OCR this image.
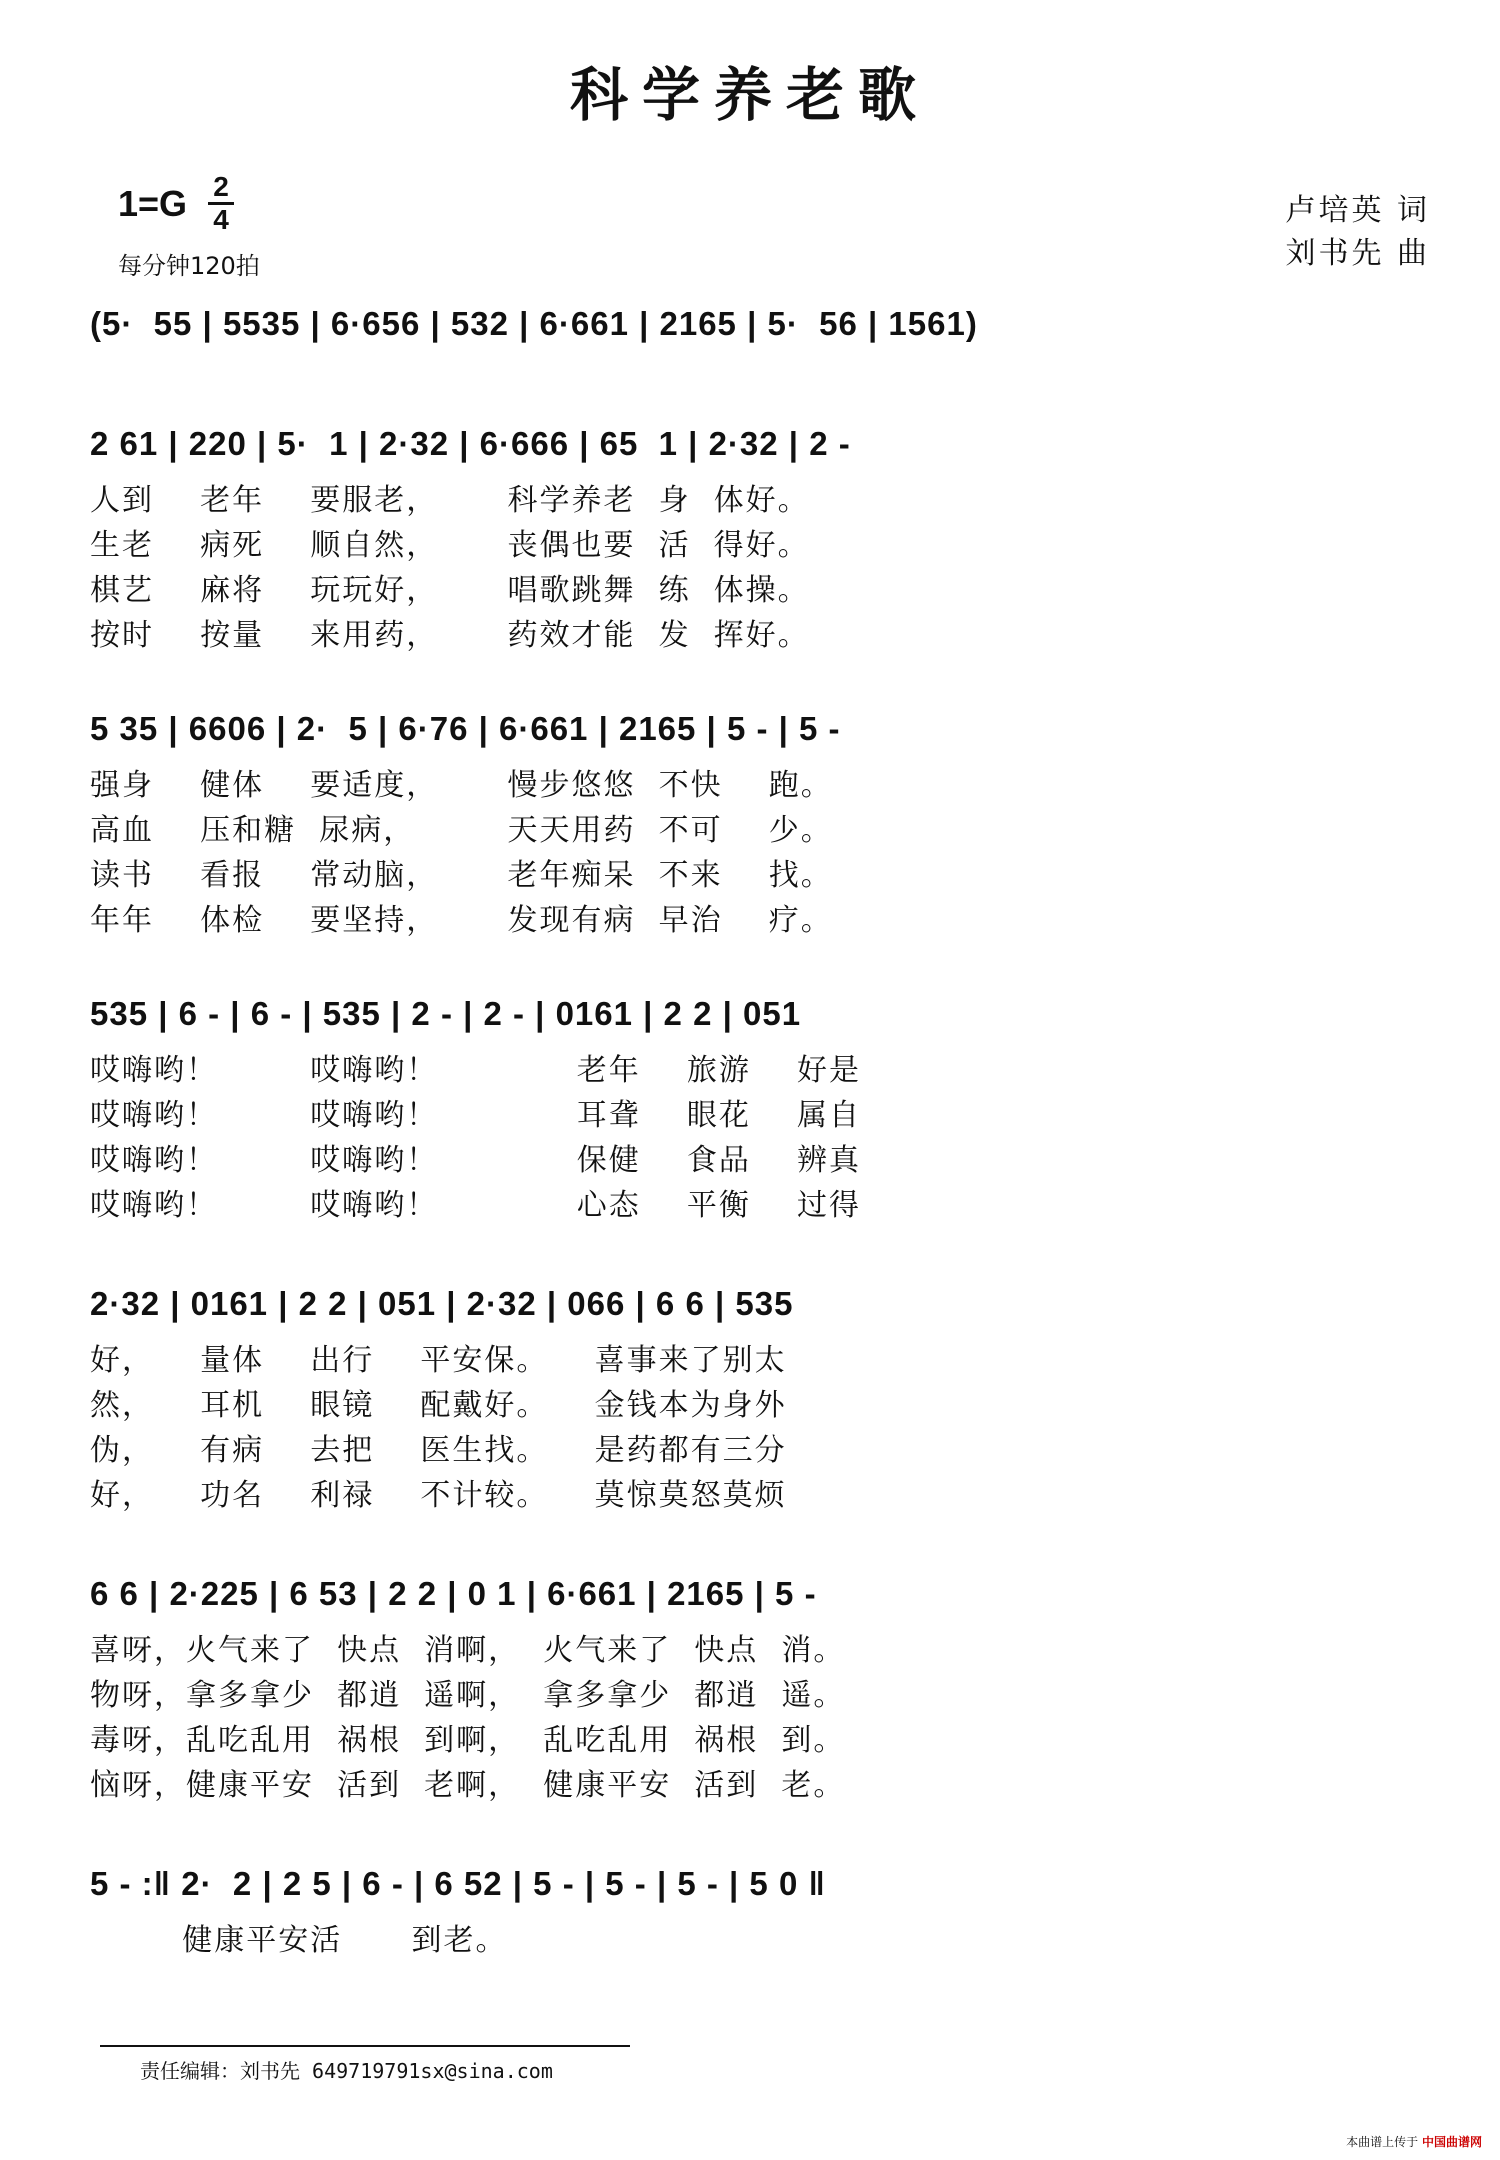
科学养老歌
1=G 2
4
每分钟120拍
卢培英 词
刘书先 曲
(5·  55 | 5535 | 6·656 | 532 | 6·661 | 2165 | 5·  56 | 1561)
2 61 | 220 | 5·  1 | 2·32 | 6·666 | 65  1 | 2·32 | 2 -
人到    老年    要服老，      科学养老  身  体好。
生老    病死    顺自然，      丧偶也要  活  得好。
棋艺    麻将    玩玩好，      唱歌跳舞  练  体操。
按时    按量    来用药，      药效才能  发  挥好。
5 35 | 6606 | 2·  5 | 6·76 | 6·661 | 2165 | 5 - | 5 -
强身    健体    要适度，      慢步悠悠  不快    跑。
高血    压和糖  尿病，        天天用药  不可    少。
读书    看报    常动脑，      老年痴呆  不来    找。
年年    体检    要坚持，      发现有病  早治    疗。
535 | 6 - | 6 - | 535 | 2 - | 2 - | 0161 | 2 2 | 051
哎嗨哟！        哎嗨哟！            老年    旅游    好是
哎嗨哟！        哎嗨哟！            耳聋    眼花    属自
哎嗨哟！        哎嗨哟！            保健    食品    辨真
哎嗨哟！        哎嗨哟！            心态    平衡    过得
2·32 | 0161 | 2 2 | 051 | 2·32 | 066 | 6 6 | 535
好，    量体    出行    平安保。    喜事来了别太
然，    耳机    眼镜    配戴好。    金钱本为身外
伪，    有病    去把    医生找。    是药都有三分
好，    功名    利禄    不计较。    莫惊莫怒莫烦
6 6 | 2·225 | 6 53 | 2 2 | 0 1 | 6·661 | 2165 | 5 -
喜呀，火气来了  快点  消啊，  火气来了  快点  消。
物呀，拿多拿少  都逍  遥啊，  拿多拿少  都逍  遥。
毒呀，乱吃乱用  祸根  到啊，  乱吃乱用  祸根  到。
恼呀，健康平安  活到  老啊，  健康平安  活到  老。
5 - :‖ 2·  2 | 2 5 | 6 - | 6 52 | 5 - | 5 - | 5 - | 5 0 ‖
健康平安活      到老。
责任编辑：刘书先 649719791sx@sina.com
本曲谱上传于 中国曲谱网
